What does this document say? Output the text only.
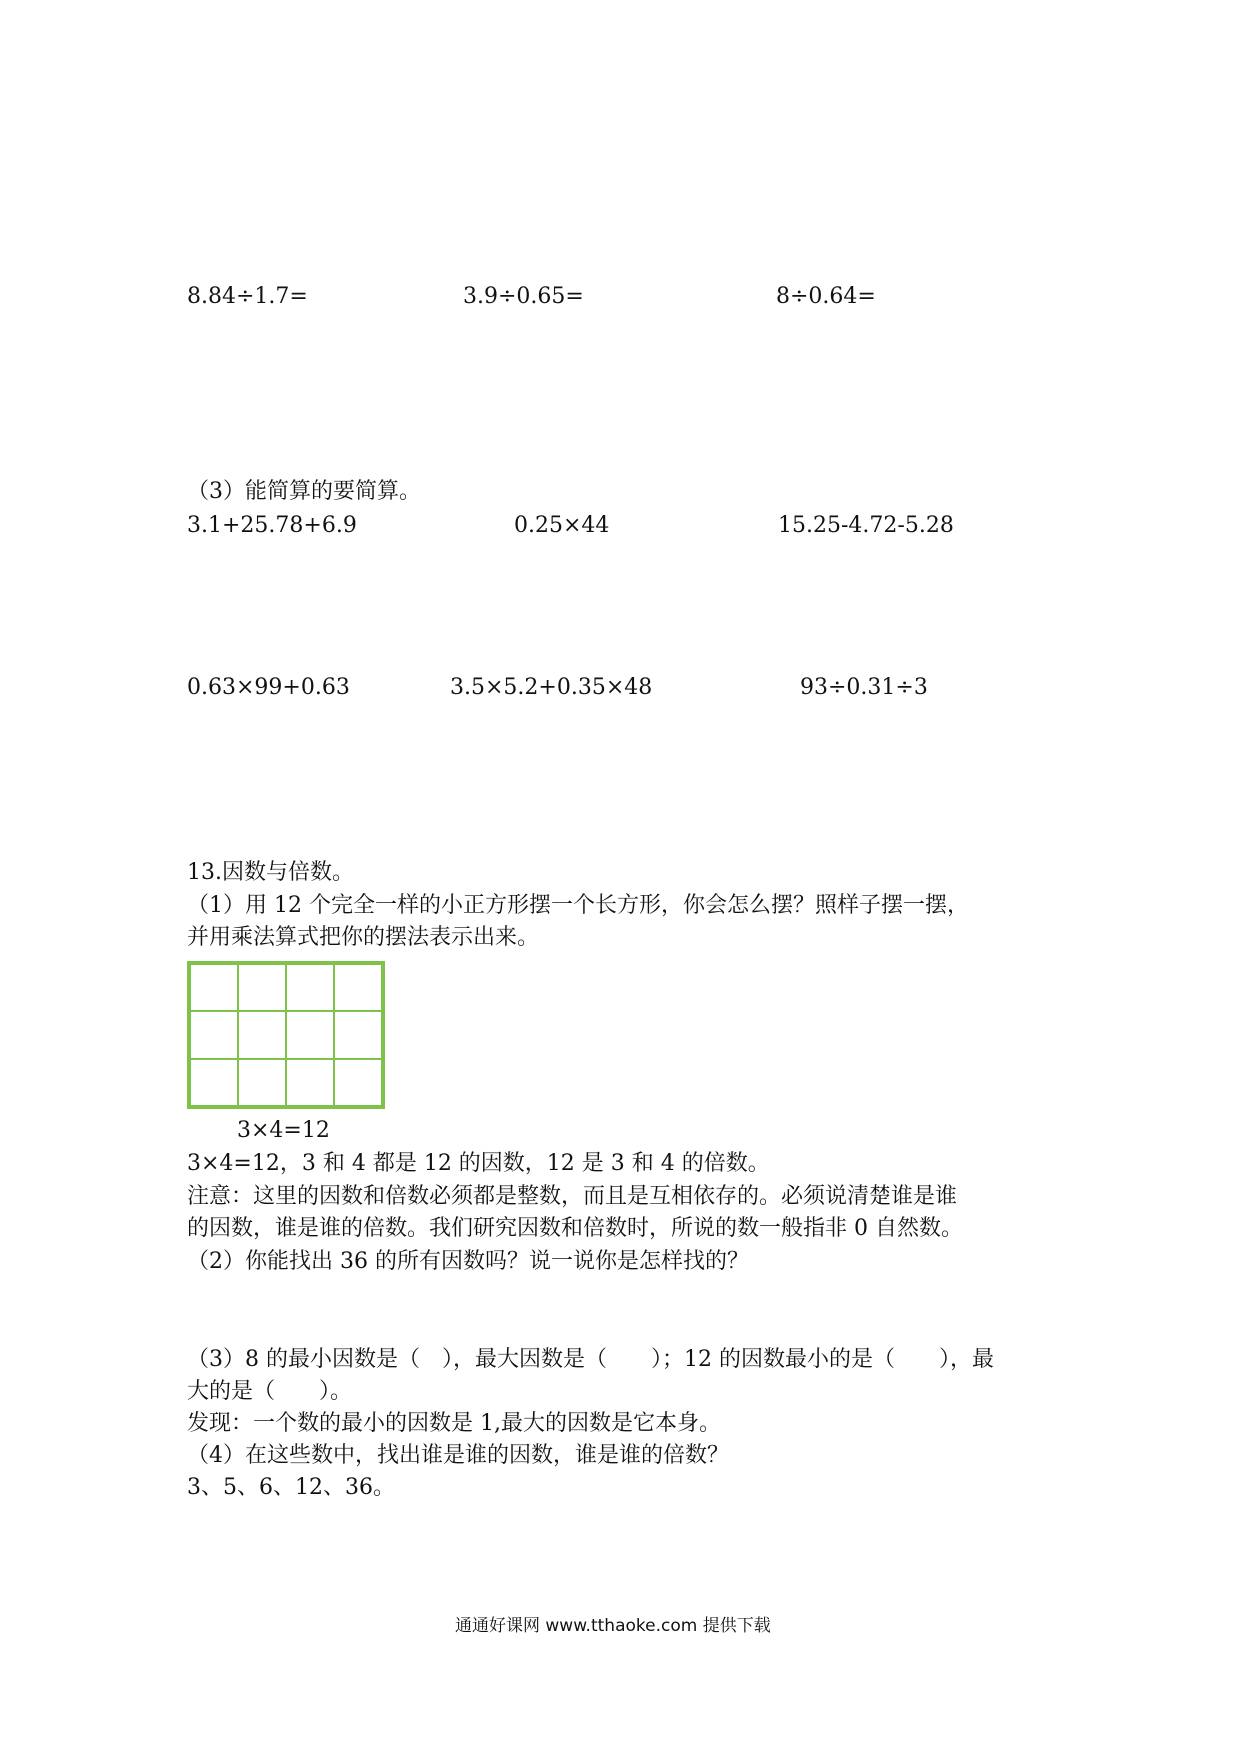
8.84÷1.7=	3.9÷0.65=	8÷0.64=
（3）能简算的要简算。
3.1+25.78+6.9	0.25×44	15.25-4.72-5.28
0.63×99+0.63	3.5×5.2+0.35×48	93÷0.31÷3
13.因数与倍数。
（1）用 12 个完全一样的小正方形摆一个长方形，你会怎么摆？照样子摆一摆，
并用乘法算式把你的摆法表示出来。
3×4=12
3×4=12，3 和 4 都是 12 的因数，12 是 3 和 4 的倍数。
注意：这里的因数和倍数必须都是整数，而且是互相依存的。必须说清楚谁是谁
的因数，谁是谁的倍数。我们研究因数和倍数时，所说的数一般指非 0 自然数。
（2）你能找出 36 的所有因数吗？说一说你是怎样找的？
（3）8 的最小因数是（　），最大因数是（　　）；12 的因数最小的是（　　），最
大的是（　　）。
发现：一个数的最小的因数是 1,最大的因数是它本身。
（4）在这些数中，找出谁是谁的因数，谁是谁的倍数？
3、5、6、12、36。
通通好课网 www.tthaoke.com 提供下载
